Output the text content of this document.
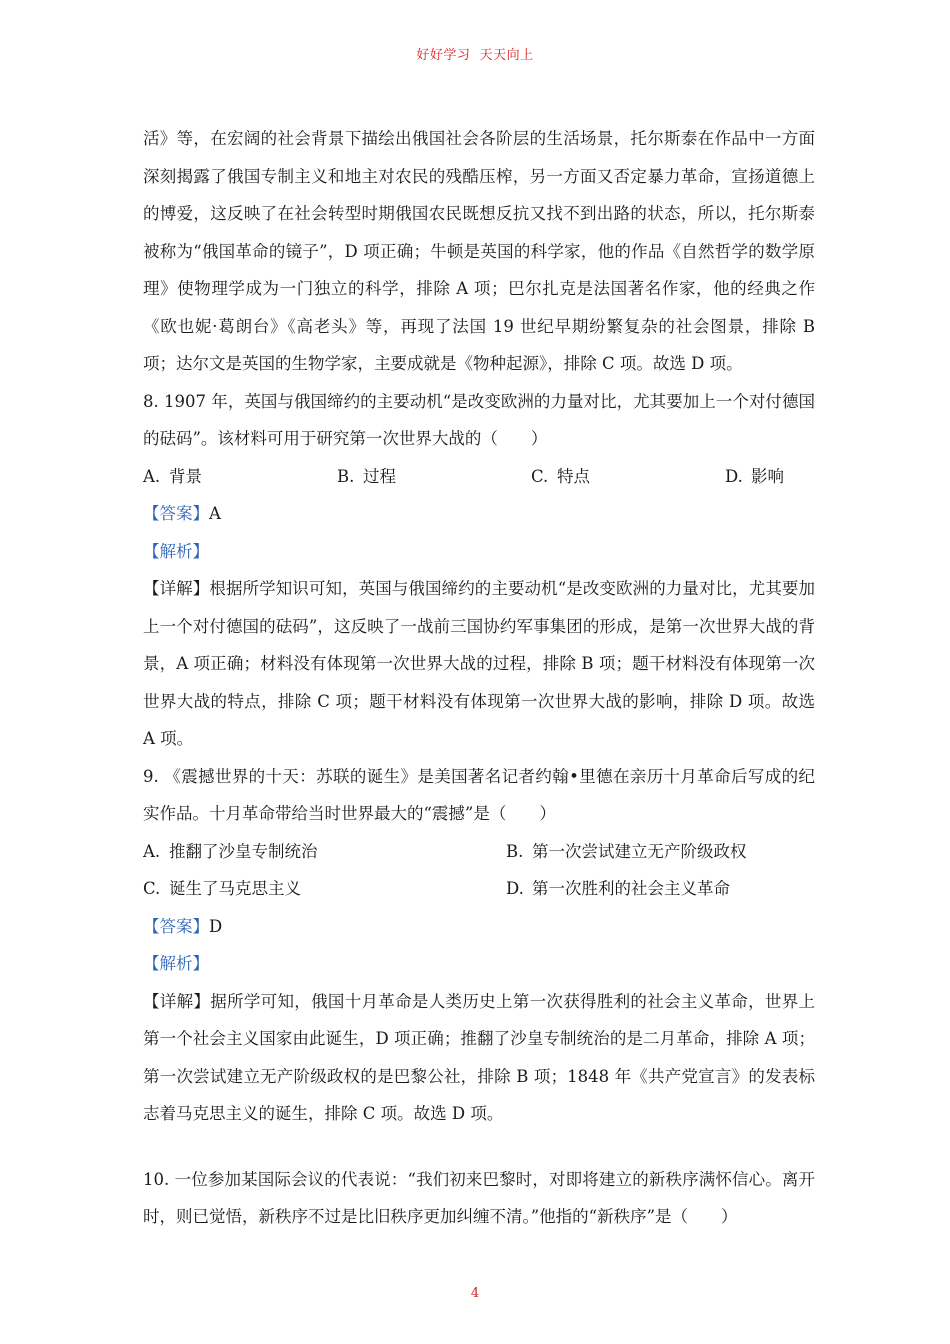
好好学习  天天向上

活》等，在宏阔的社会背景下描绘出俄国社会各阶层的生活场景，托尔斯泰在作品中一方面深刻揭露了俄国专制主义和地主对农民的残酷压榨，另一方面又否定暴力革命，宣扬道德上的博爱，这反映了在社会转型时期俄国农民既想反抗又找不到出路的状态，所以，托尔斯泰被称为“俄国革命的镜子”，D 项正确；牛顿是英国的科学家，他的作品《自然哲学的数学原理》使物理学成为一门独立的科学，排除 A 项；巴尔扎克是法国著名作家，他的经典之作《欧也妮·葛朗台》《高老头》等，再现了法国 19 世纪早期纷繁复杂的社会图景，排除 B 项；达尔文是英国的生物学家，主要成就是《物种起源》，排除 C 项。故选 D 项。

8. 1907 年，英国与俄国缔约的主要动机“是改变欧洲的力量对比，尤其要加上一个对付德国的砝码”。该材料可用于研究第一次世界大战的（　　）

A. 背景	B. 过程	C. 特点	D. 影响

【答案】A

【解析】

【详解】根据所学知识可知，英国与俄国缔约的主要动机“是改变欧洲的力量对比，尤其要加上一个对付德国的砝码”，这反映了一战前三国协约军事集团的形成，是第一次世界大战的背景，A 项正确；材料没有体现第一次世界大战的过程，排除 B 项；题干材料没有体现第一次世界大战的特点，排除 C 项；题干材料没有体现第一次世界大战的影响，排除 D 项。故选 A 项。

9. 《震撼世界的十天：苏联的诞生》是美国著名记者约翰•里德在亲历十月革命后写成的纪实作品。十月革命带给当时世界最大的“震撼”是（　　）

A. 推翻了沙皇专制统治	B. 第一次尝试建立无产阶级政权
C. 诞生了马克思主义	D. 第一次胜利的社会主义革命

【答案】D

【解析】

【详解】据所学可知，俄国十月革命是人类历史上第一次获得胜利的社会主义革命，世界上第一个社会主义国家由此诞生，D 项正确；推翻了沙皇专制统治的是二月革命，排除 A 项；第一次尝试建立无产阶级政权的是巴黎公社，排除 B 项；1848 年《共产党宣言》的发表标志着马克思主义的诞生，排除 C 项。故选 D 项。

10. 一位参加某国际会议的代表说：“我们初来巴黎时，对即将建立的新秩序满怀信心。离开时，则已觉悟，新秩序不过是比旧秩序更加纠缠不清。”他指的“新秩序”是（　　）

4
